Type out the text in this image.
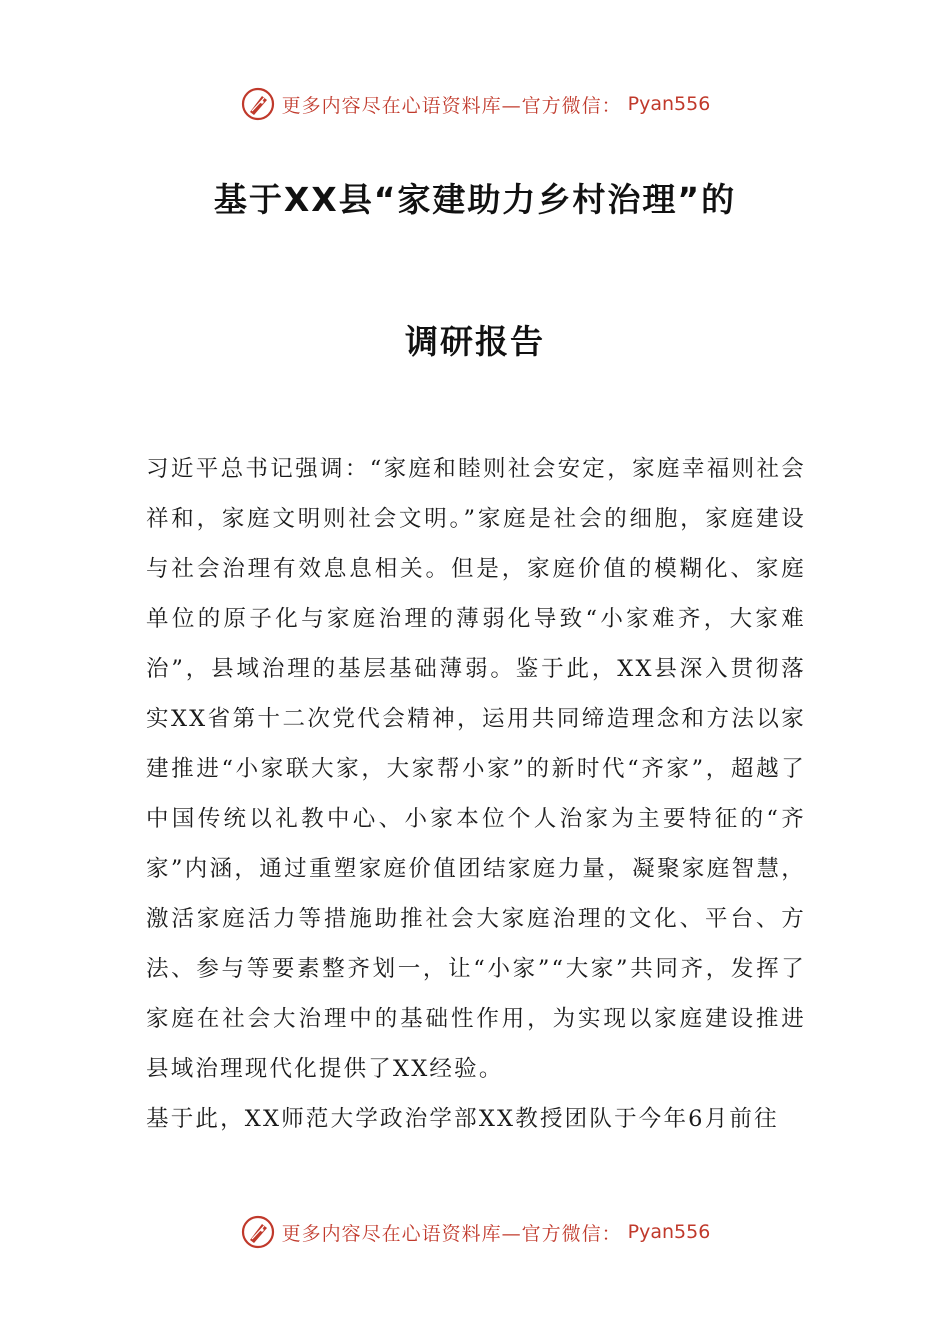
更多内容尽在心语资料库—官方微信： Pyan556
基于XX县“家建助力乡村治理”的
调研报告

习近平总书记强调：“家庭和睦则社会安定，家庭幸福则社会祥和，家庭文明则社会文明。”家庭是社会的细胞，家庭建设与社会治理有效息息相关。但是，家庭价值的模糊化、家庭单位的原子化与家庭治理的薄弱化导致“小家难齐，大家难治”，县域治理的基层基础薄弱。鉴于此，XX县深入贯彻落实XX省第十二次党代会精神，运用共同缔造理念和方法以家建推进“小家联大家，大家帮小家”的新时代“齐家”，超越了中国传统以礼教中心、小家本位个人治家为主要特征的“齐家”内涵，通过重塑家庭价值团结家庭力量，凝聚家庭智慧，激活家庭活力等措施助推社会大家庭治理的文化、平台、方法、参与等要素整齐划一，让“小家”“大家”共同齐，发挥了家庭在社会大治理中的基础性作用，为实现以家庭建设推进县域治理现代化提供了XX经验。

基于此，XX师范大学政治学部XX教授团队于今年6月前往

更多内容尽在心语资料库—官方微信： Pyan556
